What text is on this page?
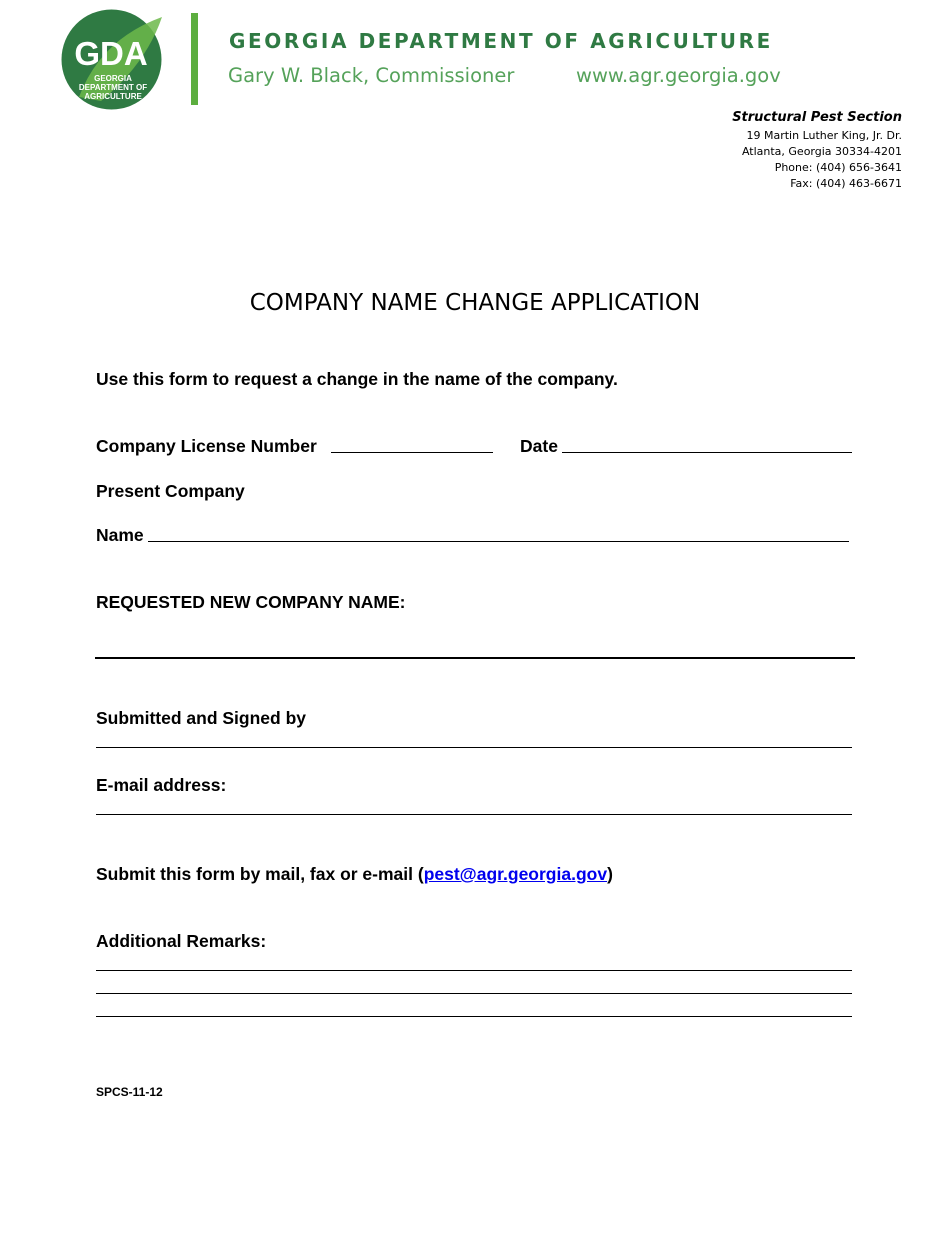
GDA
GEORGIA
DEPARTMENT OF
AGRICULTURE
GEORGIA DEPARTMENT OF AGRICULTURE
Gary W. Black, Commissioner	www.agr.georgia.gov
Structural Pest Section
19 Martin Luther King, Jr. Dr.
Atlanta, Georgia 30334-4201
Phone: (404) 656-3641
Fax: (404) 463-6671
COMPANY NAME CHANGE APPLICATION
Use this form to request a change in the name of the company.
Company License Number	Date
Present Company
Name
REQUESTED NEW COMPANY NAME:
Submitted and Signed by
E-mail address:
Submit this form by mail, fax or e-mail (pest@agr.georgia.gov)
Additional Remarks:
SPCS-11-12
